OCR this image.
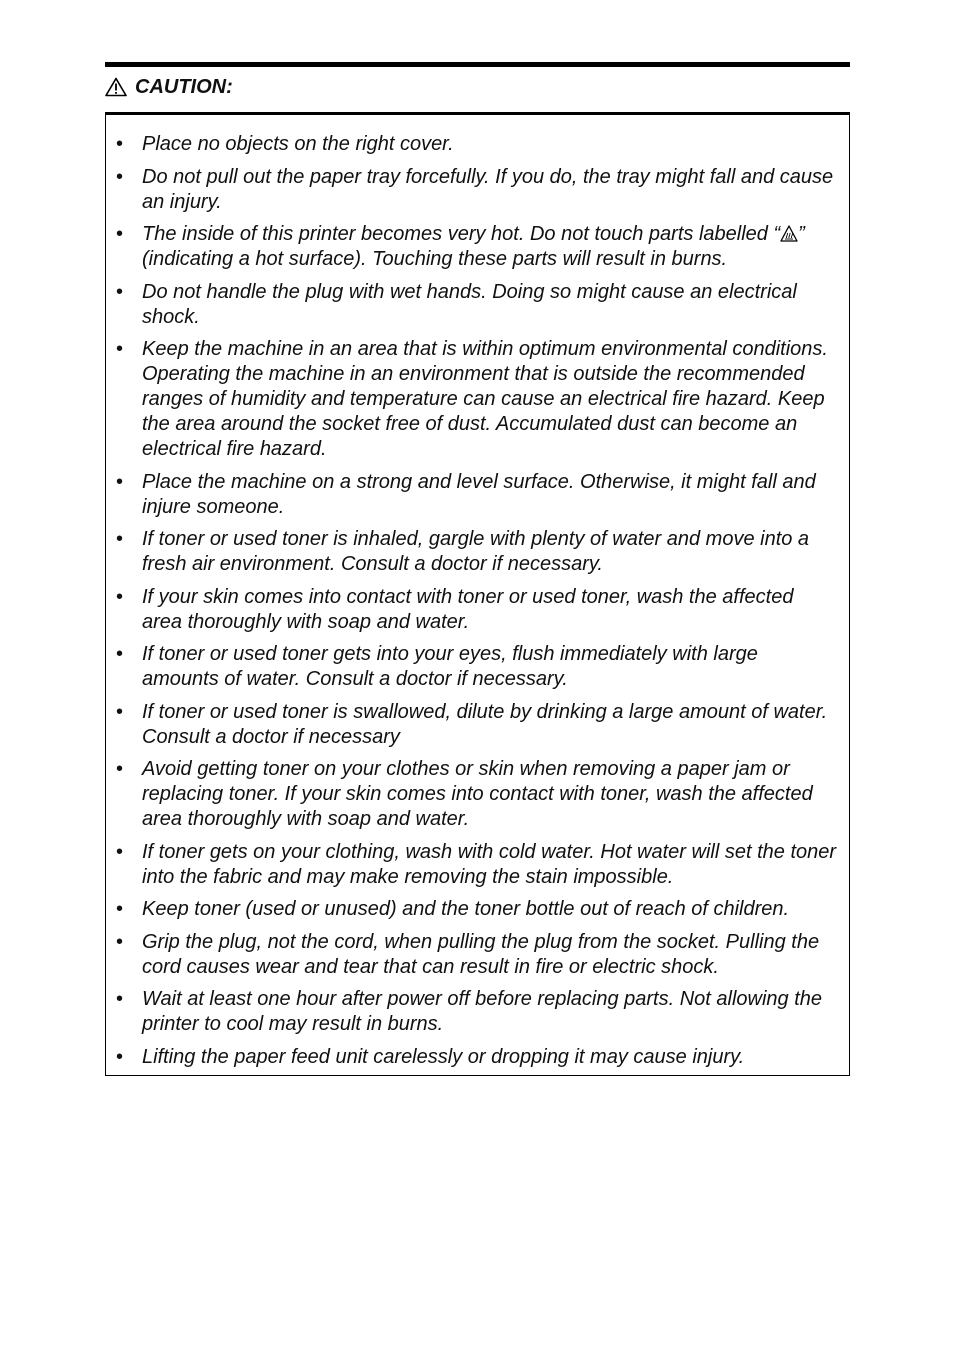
CAUTION:
• Place no objects on the right cover.
• Do not pull out the paper tray forcefully. If you do, the tray might fall and cause an injury.
• The inside of this printer becomes very hot. Do not touch parts labelled “ ” (indicating a hot surface). Touching these parts will result in burns.
• Do not handle the plug with wet hands. Doing so might cause an electrical shock.
• Keep the machine in an area that is within optimum environmental conditions. Operating the machine in an environment that is outside the recommended ranges of humidity and temperature can cause an electrical fire hazard. Keep the area around the socket free of dust. Accumulated dust can become an electrical fire hazard.
• Place the machine on a strong and level surface. Otherwise, it might fall and injure someone.
• If toner or used toner is inhaled, gargle with plenty of water and move into a fresh air environment. Consult a doctor if necessary.
• If your skin comes into contact with toner or used toner, wash the affected area thoroughly with soap and water.
• If toner or used toner gets into your eyes, flush immediately with large amounts of water. Consult a doctor if necessary.
• If toner or used toner is swallowed, dilute by drinking a large amount of water. Consult a doctor if necessary
• Avoid getting toner on your clothes or skin when removing a paper jam or replacing toner. If your skin comes into contact with toner, wash the affected area thoroughly with soap and water.
• If toner gets on your clothing, wash with cold water. Hot water will set the toner into the fabric and may make removing the stain impossible.
• Keep toner (used or unused) and the toner bottle out of reach of children.
• Grip the plug, not the cord, when pulling the plug from the socket. Pulling the cord causes wear and tear that can result in fire or electric shock.
• Wait at least one hour after power off before replacing parts. Not allowing the printer to cool may result in burns.
• Lifting the paper feed unit carelessly or dropping it may cause injury.
